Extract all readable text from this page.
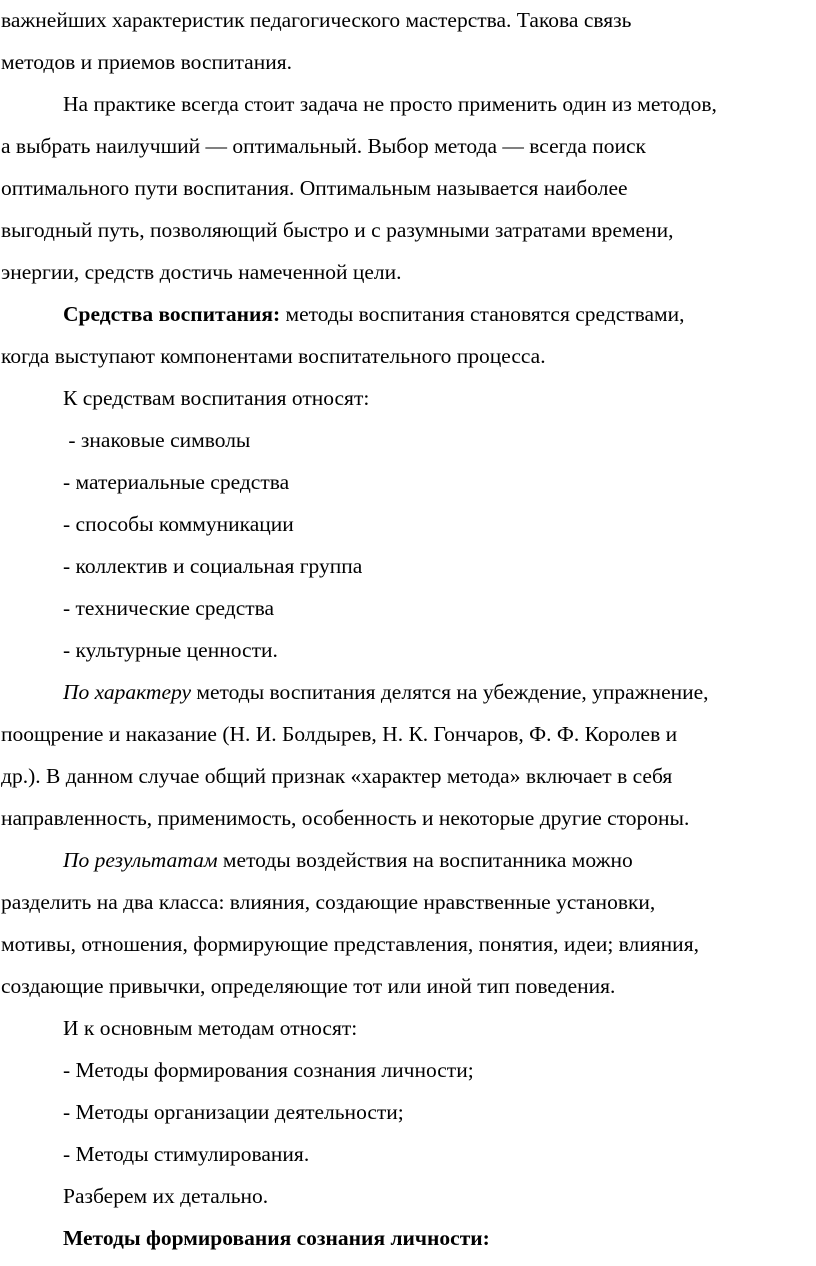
важнейших характеристик педагогического мастерства. Такова связь
методов и приемов воспитания.

На практике всегда стоит задача не просто применить один из методов,
а выбрать наилучший — оптимальный. Выбор метода — всегда поиск
оптимального пути воспитания. Оптимальным называется наиболее
выгодный путь, позволяющий быстро и с разумными затратами времени,
энергии, средств достичь намеченной цели.

Средства воспитания: методы воспитания становятся средствами,
когда выступают компонентами воспитательного процесса.

К средствам воспитания относят:

- знаковые символы

- материальные средства

- способы коммуникации

- коллектив и социальная группа

- технические средства

- культурные ценности.

По характеру методы воспитания делятся на убеждение, упражнение,
поощрение и наказание (Н. И. Болдырев, Н. К. Гончаров, Ф. Ф. Королев и
др.). В данном случае общий признак «характер метода» включает в себя
направленность, применимость, особенность и некоторые другие стороны.

По результатам методы воздействия на воспитанника можно
разделить на два класса: влияния, создающие нравственные установки,
мотивы, отношения, формирующие представления, понятия, идеи; влияния,
создающие привычки, определяющие тот или иной тип поведения.

И к основным методам относят:

- Методы формирования сознания личности;

- Методы организации деятельности;

- Методы стимулирования.

Разберем их детально.

Методы формирования сознания личности:
